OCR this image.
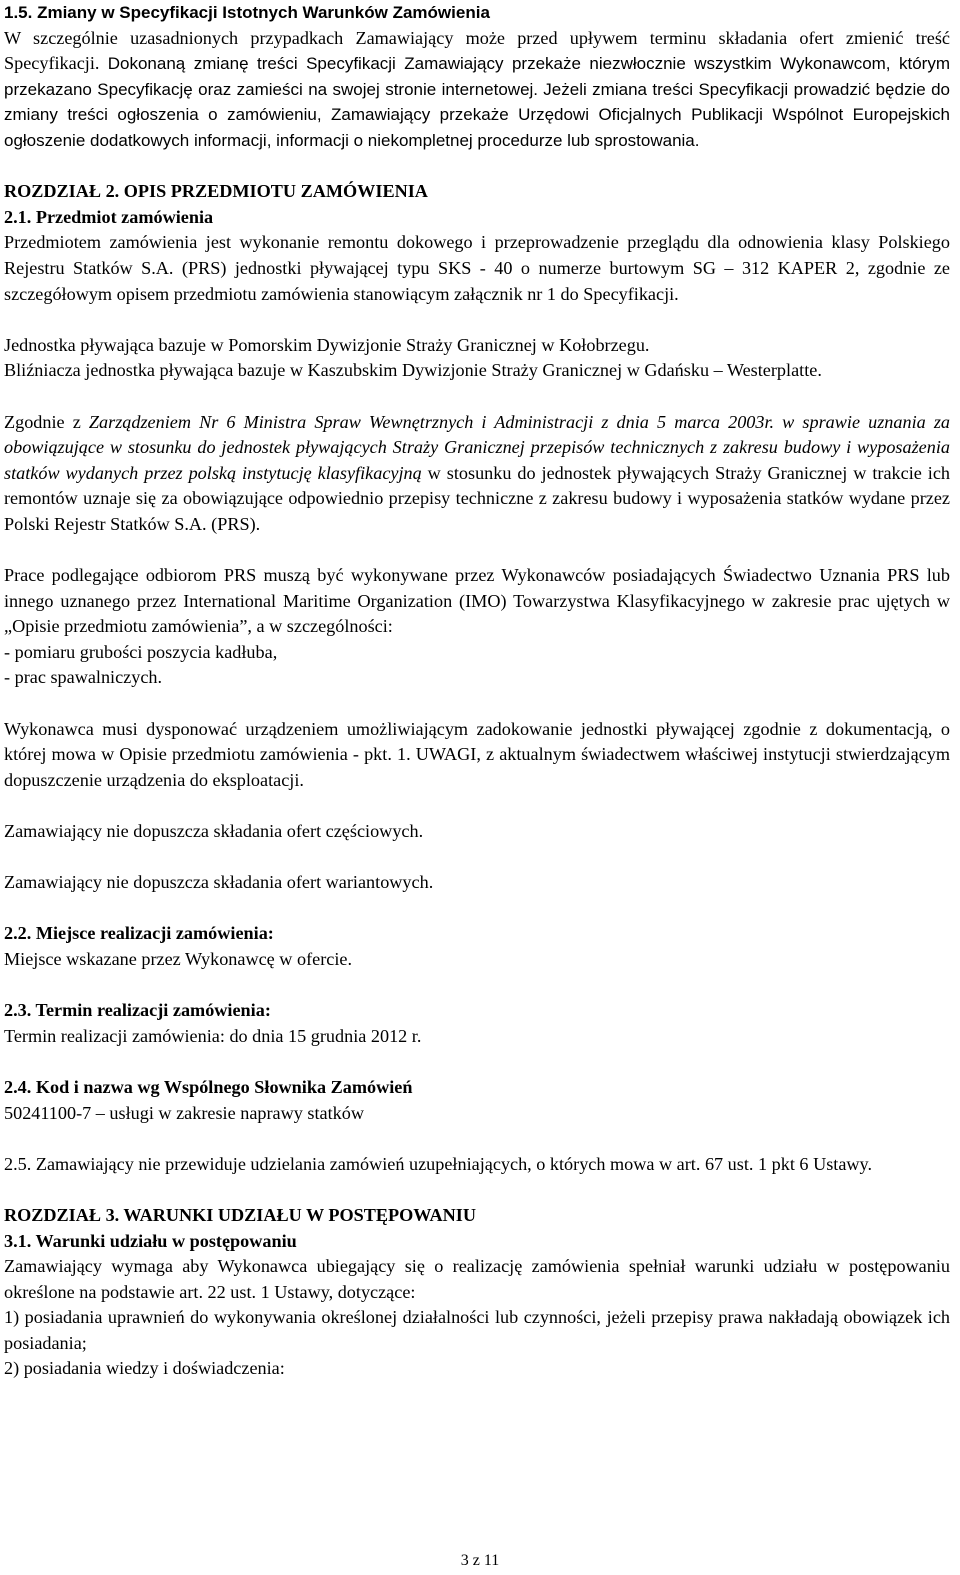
1.5. Zmiany w Specyfikacji Istotnych Warunków Zamówienia

W szczególnie uzasadnionych przypadkach Zamawiający może przed upływem terminu składania ofert zmienić treść Specyfikacji. Dokonaną zmianę treści Specyfikacji Zamawiający przekaże niezwłocznie wszystkim Wykonawcom, którym przekazano Specyfikację oraz zamieści na swojej stronie internetowej. Jeżeli zmiana treści Specyfikacji prowadzić będzie do zmiany treści ogłoszenia o zamówieniu, Zamawiający przekaże Urzędowi Oficjalnych Publikacji Wspólnot Europejskich ogłoszenie dodatkowych informacji, informacji o niekompletnej procedurze lub sprostowania.

ROZDZIAŁ 2. OPIS PRZEDMIOTU ZAMÓWIENIA

2.1. Przedmiot zamówienia

Przedmiotem zamówienia jest wykonanie remontu dokowego i przeprowadzenie przeglądu dla odnowienia klasy Polskiego Rejestru Statków S.A. (PRS) jednostki pływającej typu SKS - 40 o numerze burtowym SG – 312 KAPER 2, zgodnie ze szczegółowym opisem przedmiotu zamówienia stanowiącym załącznik nr 1 do Specyfikacji.

Jednostka pływająca bazuje w Pomorskim Dywizjonie Straży Granicznej w Kołobrzegu.

Bliźniacza jednostka pływająca bazuje w Kaszubskim Dywizjonie Straży Granicznej w Gdańsku – Westerplatte.

Zgodnie z Zarządzeniem Nr 6 Ministra Spraw Wewnętrznych i Administracji z dnia 5 marca 2003r. w sprawie uznania za obowiązujące w stosunku do jednostek pływających Straży Granicznej przepisów technicznych z zakresu budowy i wyposażenia statków wydanych przez polską instytucję klasyfikacyjną w stosunku do jednostek pływających Straży Granicznej w trakcie ich remontów uznaje się za obowiązujące odpowiednio przepisy techniczne z zakresu budowy i wyposażenia statków wydane przez Polski Rejestr Statków S.A. (PRS).

Prace podlegające odbiorom PRS muszą być wykonywane przez Wykonawców posiadających Świadectwo Uznania PRS lub innego uznanego przez International Maritime Organization (IMO) Towarzystwa Klasyfikacyjnego w zakresie prac ujętych w „Opisie przedmiotu zamówienia”, a w szczególności:

- pomiaru grubości poszycia kadłuba,

- prac spawalniczych.

Wykonawca musi dysponować urządzeniem umożliwiającym zadokowanie jednostki pływającej zgodnie z dokumentacją, o której mowa w Opisie przedmiotu zamówienia - pkt. 1. UWAGI, z aktualnym świadectwem właściwej instytucji stwierdzającym dopuszczenie urządzenia do eksploatacji.

Zamawiający nie dopuszcza składania ofert częściowych.

Zamawiający nie dopuszcza składania ofert wariantowych.

2.2. Miejsce realizacji zamówienia:

Miejsce wskazane przez Wykonawcę w ofercie.

2.3. Termin realizacji zamówienia:

Termin realizacji zamówienia: do dnia 15 grudnia 2012 r.

2.4. Kod i nazwa wg Wspólnego Słownika Zamówień

50241100-7 – usługi w zakresie naprawy statków

2.5. Zamawiający nie przewiduje udzielania zamówień uzupełniających, o których mowa w art. 67 ust. 1 pkt 6 Ustawy.

ROZDZIAŁ 3. WARUNKI UDZIAŁU W POSTĘPOWANIU

3.1. Warunki udziału w postępowaniu

Zamawiający wymaga aby Wykonawca ubiegający się o realizację zamówienia spełniał warunki udziału w postępowaniu określone na podstawie art. 22 ust. 1 Ustawy, dotyczące:

1) posiadania uprawnień do wykonywania określonej działalności lub czynności, jeżeli przepisy prawa nakładają obowiązek ich posiadania;

2) posiadania wiedzy i doświadczenia:

3 z 11
